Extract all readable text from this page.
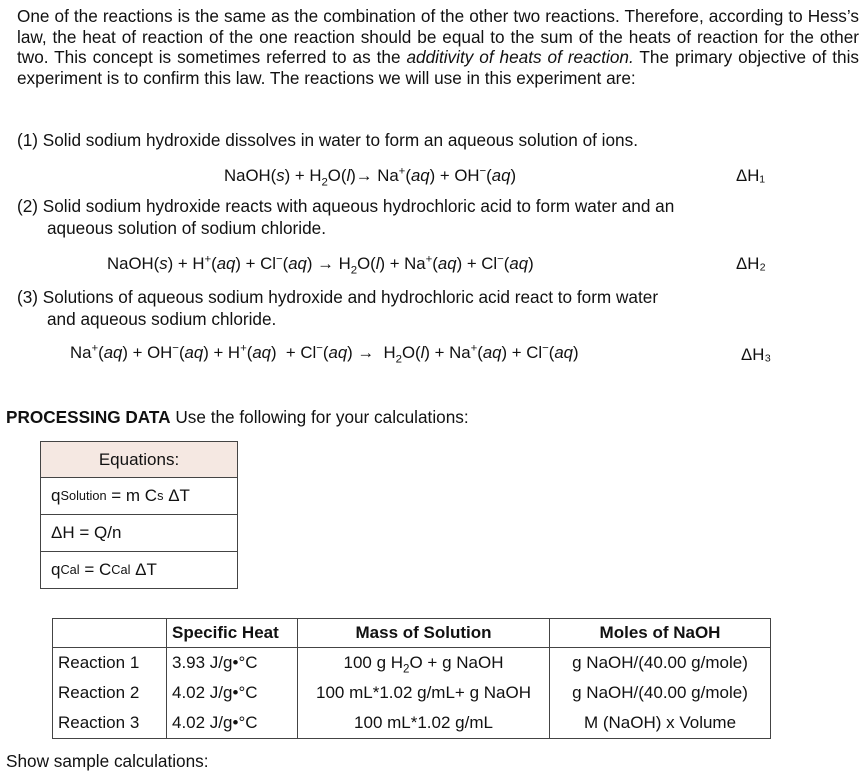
One of the reactions is the same as the combination of the other two reactions. Therefore, according to Hess’s law, the heat of reaction of the one reaction should be equal to the sum of the heats of reaction for the other two. This concept is sometimes referred to as the additivity of heats of reaction. The primary objective of this experiment is to confirm this law. The reactions we will use in this experiment are:
(1) Solid sodium hydroxide dissolves in water to form an aqueous solution of ions.
NaOH(s) + $H_2O(l)\to Na^+(aq) + OH^-(aq)$	ΔH₁
(2) Solid sodium hydroxide reacts with aqueous hydrochloric acid to form water and an
aqueous solution of sodium chloride.
NaOH(s) + $H^+(aq) + Cl^-(aq) \to H_2O(l) + Na^+(aq) + Cl^-(aq)$	ΔH₂
(3) Solutions of aqueous sodium hydroxide and hydrochloric acid react to form water
and aqueous sodium chloride.
$Na^+(aq) + OH^-(aq) + H^+(aq) + Cl^-(aq) \to H_2O(l) + Na^+(aq) + Cl^-(aq)$	ΔH₃
PROCESSING DATA Use the following for your calculations:
Equations:
q Solution = m C s ΔT
ΔH = Q/n
q Cal = C Cal ΔT
	Specific Heat	Mass of Solution	Moles of NaOH
Reaction 1	3.93 J/g•°C	100 g $H_2O + g$ NaOH	g NaOH/(40.00 g/mole)
Reaction 2	4.02 J/g•°C	100 mL*1.02 g/mL+ g NaOH	g NaOH/(40.00 g/mole)
Reaction 3	4.02 J/g•°C	100 mL*1.02 g/mL	M (NaOH) x Volume
Show sample calculations:
